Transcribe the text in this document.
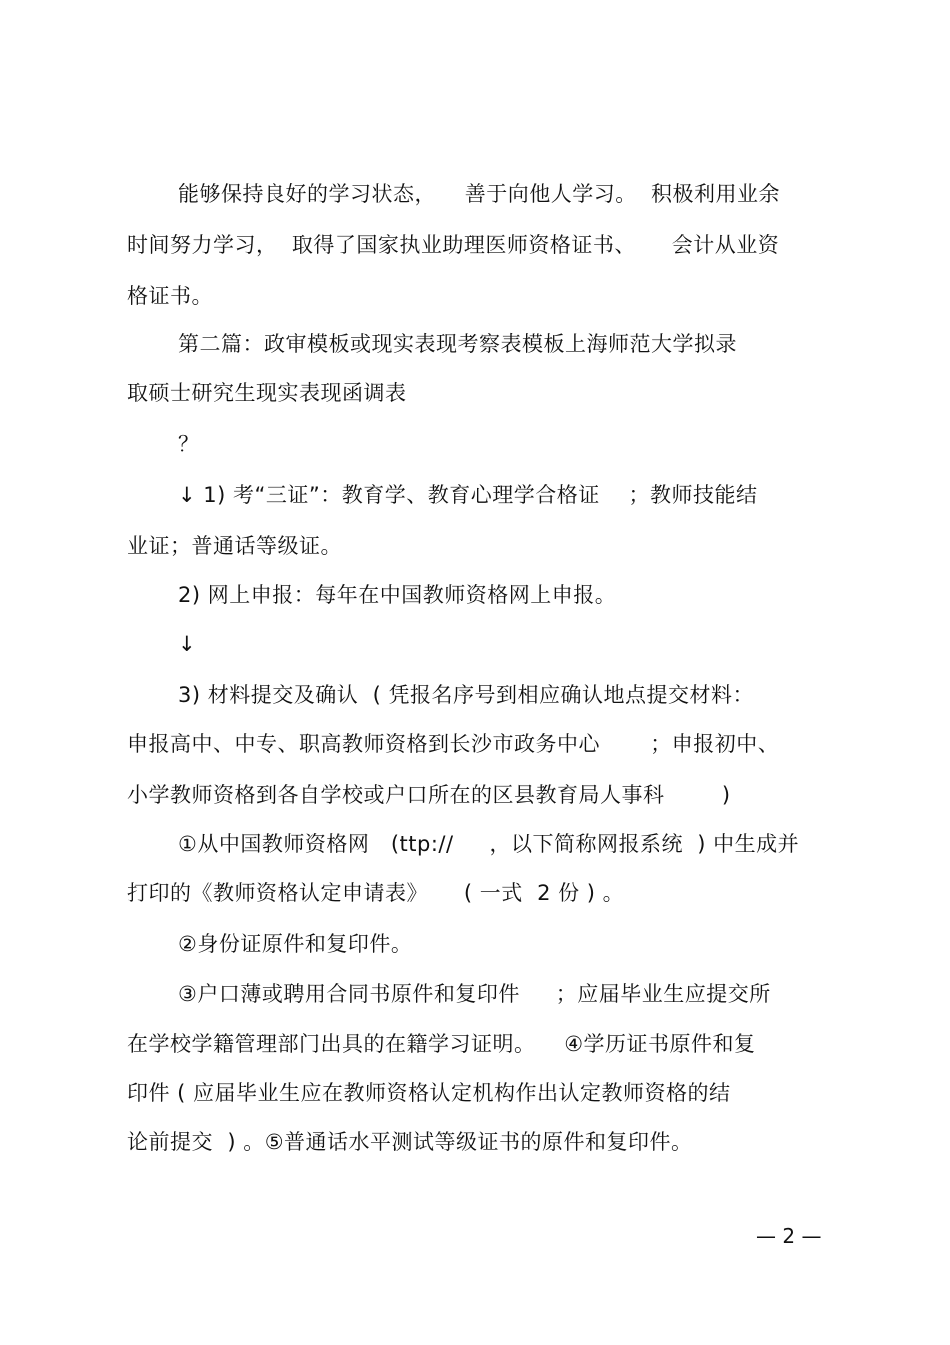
能够保持良好的学习状态，    善于向他人学习。  积极利用业余
时间努力学习，  取得了国家执业助理医师资格证书、     会计从业资
格证书。
第二篇：政审模板或现实表现考察表模板上海师范大学拟录
取硕士研究生现实表现函调表
？
↓ 1) 考“三证”：教育学、教育心理学合格证    ；教师技能结
业证；普通话等级证。
2) 网上申报：每年在中国教师资格网上申报。
↓
3) 材料提交及确认  ( 凭报名序号到相应确认地点提交材料：
申报高中、中专、职高教师资格到长沙市政务中心       ；申报初中、
小学教师资格到各自学校或户口所在的区县教育局人事科        )
①从中国教师资格网   (ttp://     ，以下简称网报系统  ) 中生成并
打印的《教师资格认定申请表》     ( 一式  2 份 ) 。
②身份证原件和复印件。
③户口薄或聘用合同书原件和复印件     ；应届毕业生应提交所
在学校学籍管理部门出具的在籍学习证明。    ④学历证书原件和复
印件 ( 应届毕业生应在教师资格认定机构作出认定教师资格的结
论前提交  ) 。⑤普通话水平测试等级证书的原件和复印件。
— 2 —
